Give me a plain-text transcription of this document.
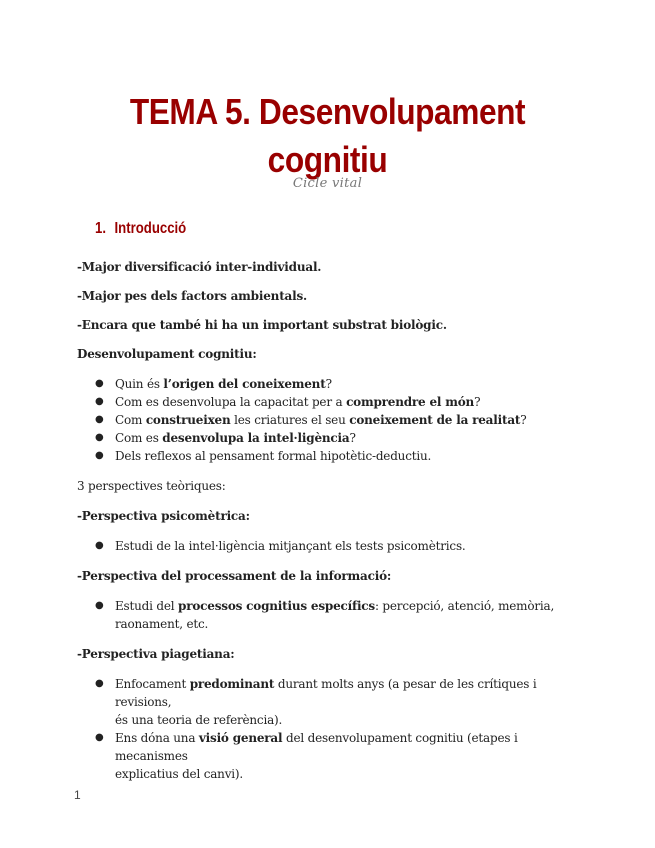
TEMA 5. Desenvolupament
cognitiu
Cicle vital
1. Introducció

-Major diversificació inter-individual.

-Major pes dels factors ambientals.

-Encara que també hi ha un important substrat biològic.

Desenvolupament cognitiu:

● Quin és l’origen del coneixement?
● Com es desenvolupa la capacitat per a comprendre el món?
● Com construeixen les criatures el seu coneixement de la realitat?
● Com es desenvolupa la intel·ligència?
● Dels reflexos al pensament formal hipotètic-deductiu.

3 perspectives teòriques:

-Perspectiva psicomètrica:

● Estudi de la intel·ligència mitjançant els tests psicomètrics.

-Perspectiva del processament de la informació:

● Estudi del processos cognitius específics: percepció, atenció, memòria,
raonament, etc.

-Perspectiva piagetiana:

● Enfocament predominant durant molts anys (a pesar de les crítiques i revisions,
és una teoria de referència).
● Ens dóna una visió general del desenvolupament cognitiu (etapes i mecanismes
explicatius del canvi).
1
